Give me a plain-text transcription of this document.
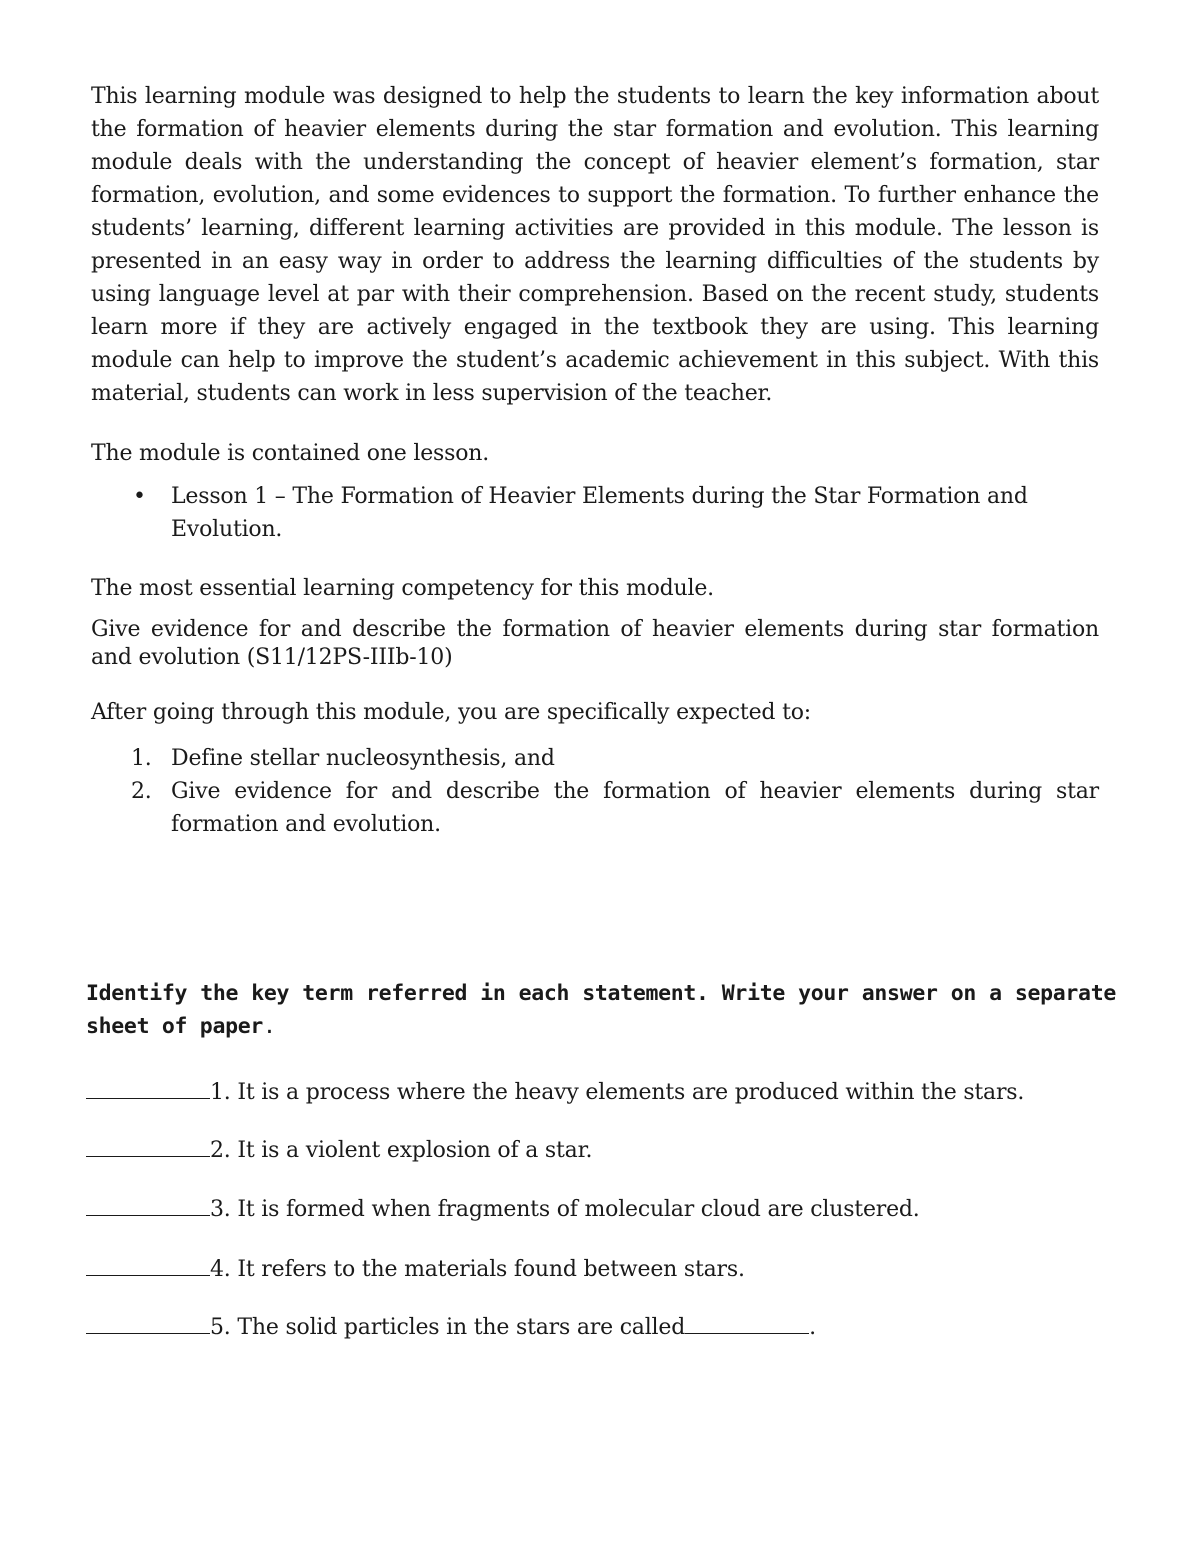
This learning module was designed to help the students to learn the key information about the formation of heavier elements during the star formation and evolution. This learning module deals with the understanding the concept of heavier element’s formation, star formation, evolution, and some evidences to support the formation. To further enhance the students’ learning, different learning activities are provided in this module. The lesson is presented in an easy way in order to address the learning difficulties of the students by using language level at par with their comprehension. Based on the recent study, students learn more if they are actively engaged in the textbook they are using. This learning module can help to improve the student’s academic achievement in this subject. With this material, students can work in less supervision of the teacher.

The module is contained one lesson.

• Lesson 1 – The Formation of Heavier Elements during the Star Formation and Evolution.

The most essential learning competency for this module.

Give evidence for and describe the formation of heavier elements during star formation and evolution (S11/12PS-IIIb-10)

After going through this module, you are specifically expected to:

1. Define stellar nucleosynthesis, and
2. Give evidence for and describe the formation of heavier elements during star formation and evolution.

Identify the key term referred in each statement. Write your answer on a separate sheet of paper.

1. It is a process where the heavy elements are produced within the stars.
2. It is a violent explosion of a star.
3. It is formed when fragments of molecular cloud are clustered.
4. It refers to the materials found between stars.
5. The solid particles in the stars are called	.
